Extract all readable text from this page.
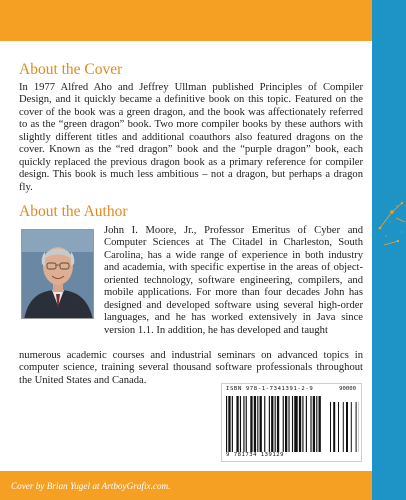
About the Cover

In 1977 Alfred Aho and Jeffrey Ullman published Principles of Compiler Design, and it quickly became a definitive book on this topic. Featured on the cover of the book was a green dragon, and the book was affectionately referred to as the “green dragon” book. Two more compiler books by these authors with slightly different titles and additional coauthors also featured dragons on the cover. Known as the “red dragon” book and the “purple dragon” book, each quickly replaced the previous dragon book as a primary reference for compiler design. This book is much less ambitious – not a dragon, but perhaps a dragon fly.

About the Author

John I. Moore, Jr., Professor Emeritus of Cyber and Computer Sciences at The Citadel in Charleston, South Carolina, has a wide range of experience in both industry and academia, with specific expertise in the areas of object-oriented technology, software engineering, compilers, and mobile applications. For more than four decades John has designed and developed software using several high-order languages, and he has worked extensively in Java since version 1.1. In addition, he has developed and taught

numerous academic courses and industrial seminars on advanced topics in computer science, training several thousand software professionals throughout the United States and Canada.

ISBN 978-1-7341391-2-9
9 781734 139129
90000
Cover by Brian Yugel at ArtboyGrafix.com.
